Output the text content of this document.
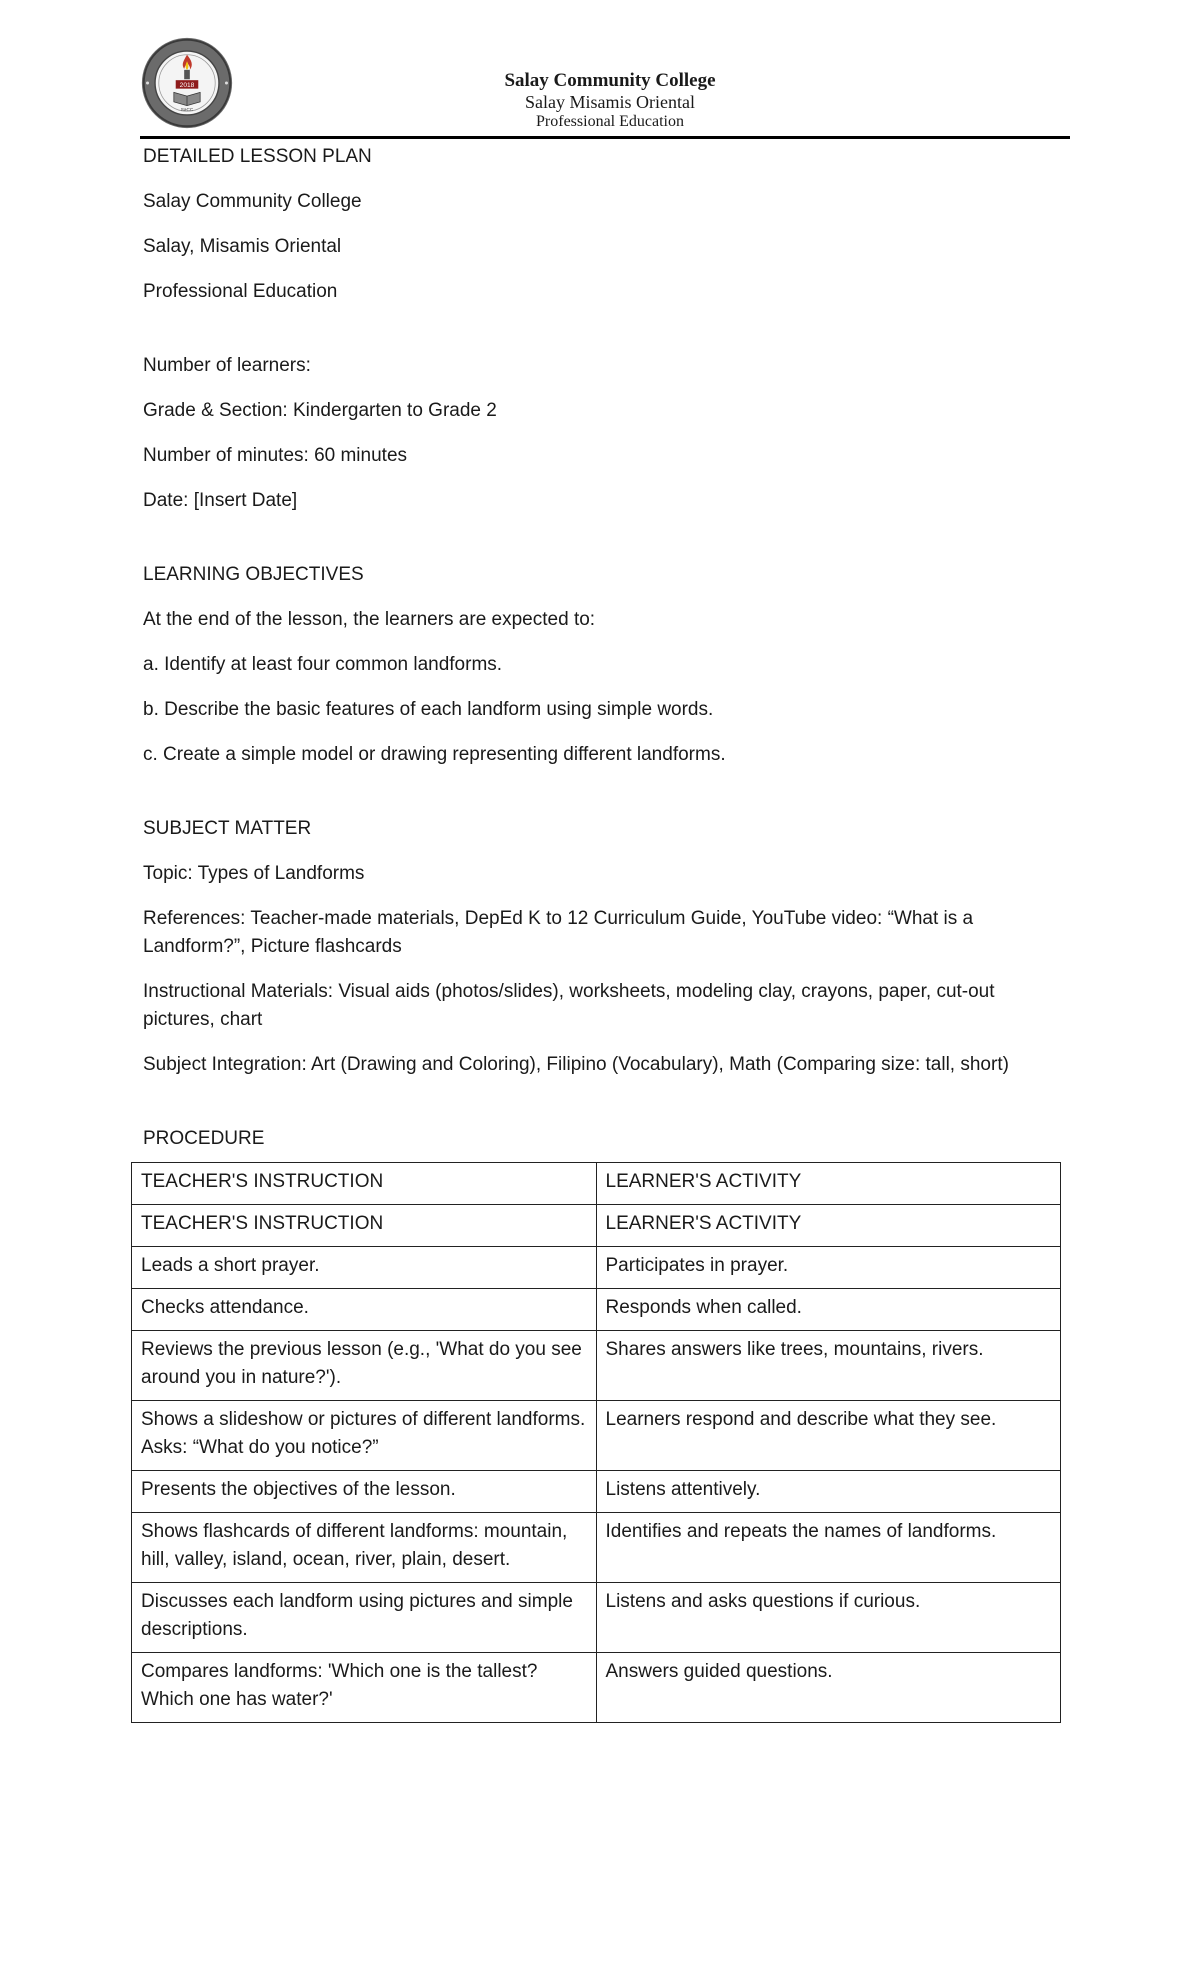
2018
SaCC
Salay Community College
Salay Misamis Oriental
Professional Education
DETAILED LESSON PLAN
Salay Community College
Salay, Misamis Oriental
Professional Education
Number of learners:
Grade & Section: Kindergarten to Grade 2
Number of minutes: 60 minutes
Date: [Insert Date]
LEARNING OBJECTIVES
At the end of the lesson, the learners are expected to:
a. Identify at least four common landforms.
b. Describe the basic features of each landform using simple words.
c. Create a simple model or drawing representing different landforms.
SUBJECT MATTER
Topic: Types of Landforms
References: Teacher-made materials, DepEd K to 12 Curriculum Guide, YouTube video: “What is a Landform?”, Picture flashcards
Instructional Materials: Visual aids (photos/slides), worksheets, modeling clay, crayons, paper, cut-out pictures, chart
Subject Integration: Art (Drawing and Coloring), Filipino (Vocabulary), Math (Comparing size: tall, short)
PROCEDURE
TEACHER'S INSTRUCTION	LEARNER'S ACTIVITY
TEACHER'S INSTRUCTION	LEARNER'S ACTIVITY
Leads a short prayer.	Participates in prayer.
Checks attendance.	Responds when called.
Reviews the previous lesson (e.g., 'What do you see around you in nature?').	Shares answers like trees, mountains, rivers.
Shows a slideshow or pictures of different landforms. Asks: “What do you notice?”	Learners respond and describe what they see.
Presents the objectives of the lesson.	Listens attentively.
Shows flashcards of different landforms: mountain, hill, valley, island, ocean, river, plain, desert.	Identifies and repeats the names of landforms.
Discusses each landform using pictures and simple descriptions.	Listens and asks questions if curious.
Compares landforms: 'Which one is the tallest? Which one has water?'	Answers guided questions.
